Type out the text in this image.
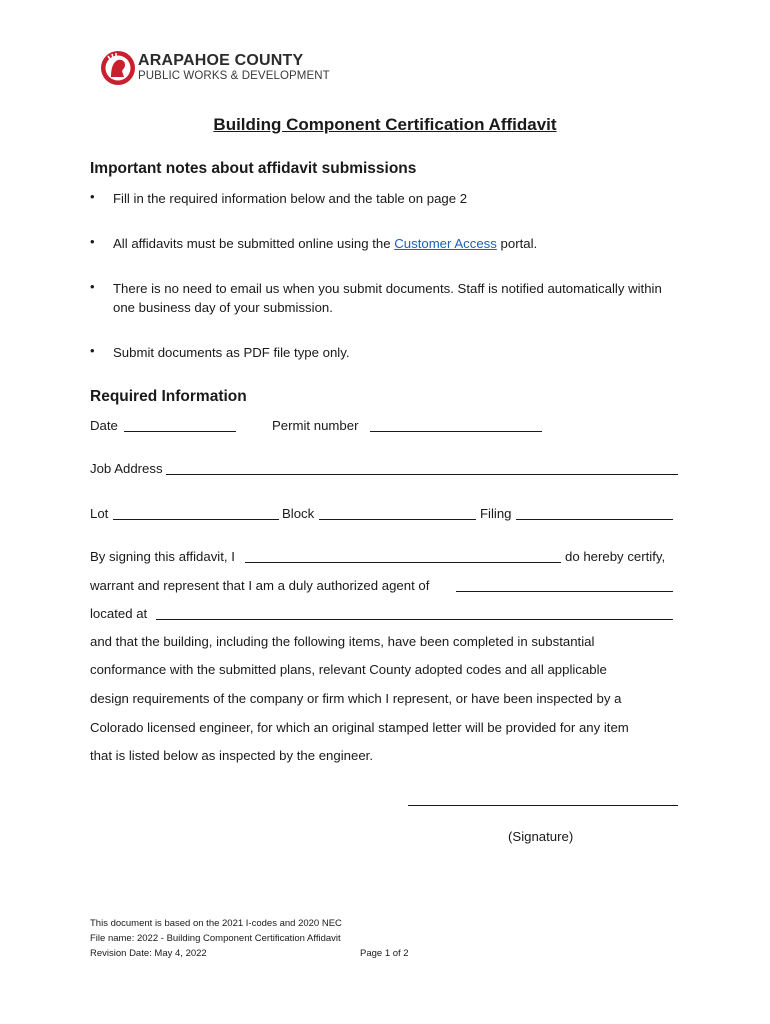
ARAPAHOE COUNTY
PUBLIC WORKS & DEVELOPMENT
Building Component Certification Affidavit
Important notes about affidavit submissions
• Fill in the required information below and the table on page 2
• All affidavits must be submitted online using the Customer Access portal.
• There is no need to email us when you submit documents. Staff is notified automatically within one business day of your submission.
• Submit documents as PDF file type only.
Required Information
Date	Permit number
Job Address
Lot	Block	Filing
By signing this affidavit, I	do hereby certify,
warrant and represent that I am a duly authorized agent of
located at
and that the building, including the following items, have been completed in substantial
conformance with the submitted plans, relevant County adopted codes and all applicable
design requirements of the company or firm which I represent, or have been inspected by a
Colorado licensed engineer, for which an original stamped letter will be provided for any item
that is listed below as inspected by the engineer.
(Signature)
This document is based on the 2021 I-codes and 2020 NEC
File name: 2022 - Building Component Certification Affidavit
Revision Date: May 4, 2022	Page 1 of 2
